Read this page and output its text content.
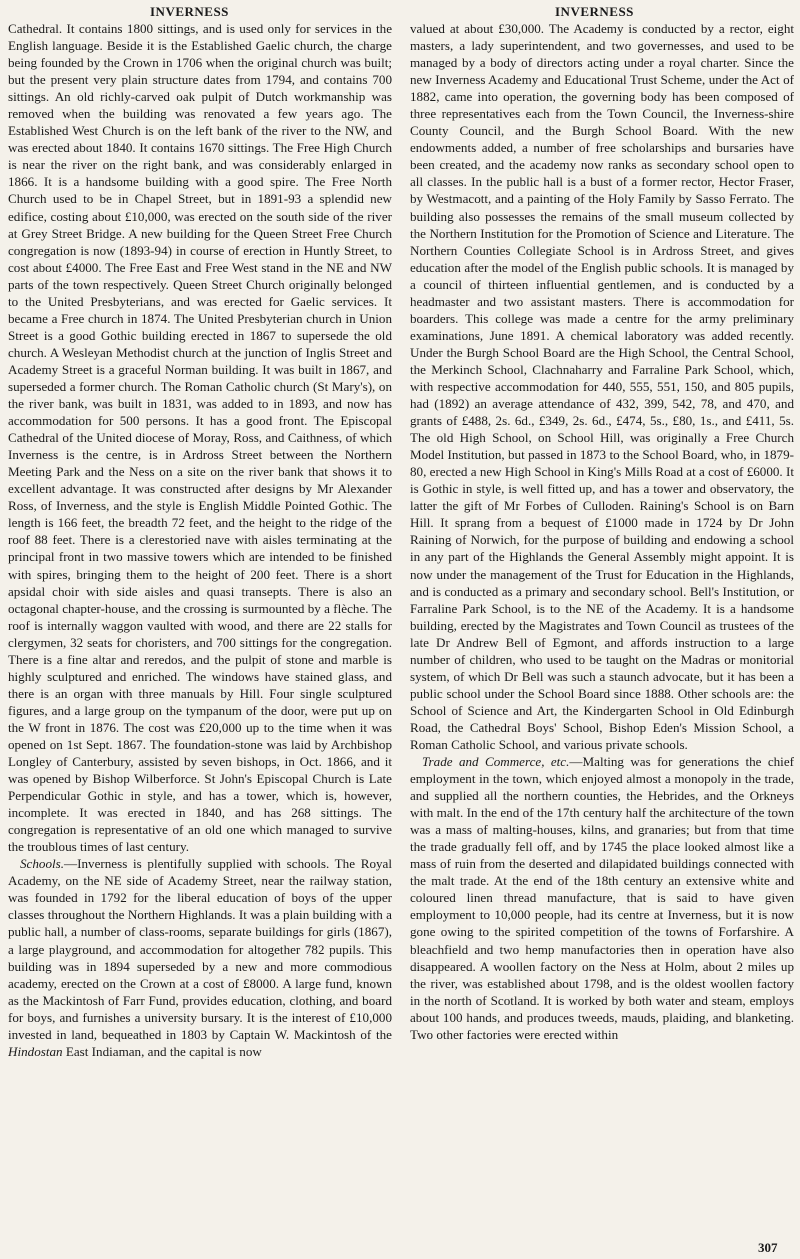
INVERNESS	INVERNESS

Cathedral. It contains 1800 sittings, and is used only for services in the English language. Beside it is the Established Gaelic church, the charge being founded by the Crown in 1706 when the original church was built; but the present very plain structure dates from 1794, and contains 700 sittings. An old richly-carved oak pulpit of Dutch workmanship was removed when the building was renovated a few years ago. The Established West Church is on the left bank of the river to the NW, and was erected about 1840. It contains 1670 sittings. The Free High Church is near the river on the right bank, and was considerably enlarged in 1866. It is a handsome building with a good spire. The Free North Church used to be in Chapel Street, but in 1891-93 a splendid new edifice, costing about £10,000, was erected on the south side of the river at Grey Street Bridge. A new building for the Queen Street Free Church congregation is now (1893-94) in course of erection in Huntly Street, to cost about £4000. The Free East and Free West stand in the NE and NW parts of the town respectively. Queen Street Church originally belonged to the United Presbyterians, and was erected for Gaelic services. It became a Free church in 1874. The United Presbyterian church in Union Street is a good Gothic building erected in 1867 to supersede the old church. A Wesleyan Methodist church at the junction of Inglis Street and Academy Street is a graceful Norman building. It was built in 1867, and superseded a former church. The Roman Catholic church (St Mary's), on the river bank, was built in 1831, was added to in 1893, and now has accommodation for 500 persons. It has a good front. The Episcopal Cathedral of the United diocese of Moray, Ross, and Caithness, of which Inverness is the centre, is in Ardross Street between the Northern Meeting Park and the Ness on a site on the river bank that shows it to excellent advantage. It was constructed after designs by Mr Alexander Ross, of Inverness, and the style is English Middle Pointed Gothic. The length is 166 feet, the breadth 72 feet, and the height to the ridge of the roof 88 feet. There is a clerestoried nave with aisles terminating at the principal front in two massive towers which are intended to be finished with spires, bringing them to the height of 200 feet. There is a short apsidal choir with side aisles and quasi transepts. There is also an octagonal chapter-house, and the crossing is surmounted by a flèche. The roof is internally waggon vaulted with wood, and there are 22 stalls for clergymen, 32 seats for choristers, and 700 sittings for the congregation. There is a fine altar and reredos, and the pulpit of stone and marble is highly sculptured and enriched. The windows have stained glass, and there is an organ with three manuals by Hill. Four single sculptured figures, and a large group on the tympanum of the door, were put up on the W front in 1876. The cost was £20,000 up to the time when it was opened on 1st Sept. 1867. The foundation-stone was laid by Archbishop Longley of Canterbury, assisted by seven bishops, in Oct. 1866, and it was opened by Bishop Wilberforce. St John's Episcopal Church is Late Perpendicular Gothic in style, and has a tower, which is, however, incomplete. It was erected in 1840, and has 268 sittings. The congregation is representative of an old one which managed to survive the troublous times of last century.

Schools.—Inverness is plentifully supplied with schools. The Royal Academy, on the NE side of Academy Street, near the railway station, was founded in 1792 for the liberal education of boys of the upper classes throughout the Northern Highlands. It was a plain building with a public hall, a number of class-rooms, separate buildings for girls (1867), a large playground, and accommodation for altogether 782 pupils. This building was in 1894 superseded by a new and more commodious academy, erected on the Crown at a cost of £8000. A large fund, known as the Mackintosh of Farr Fund, provides education, clothing, and board for boys, and furnishes a university bursary. It is the interest of £10,000 invested in land, bequeathed in 1803 by Captain W. Mackintosh of the Hindostan East Indiaman, and the capital is now

valued at about £30,000. The Academy is conducted by a rector, eight masters, a lady superintendent, and two governesses, and used to be managed by a body of directors acting under a royal charter. Since the new Inverness Academy and Educational Trust Scheme, under the Act of 1882, came into operation, the governing body has been composed of three representatives each from the Town Council, the Inverness-shire County Council, and the Burgh School Board. With the new endowments added, a number of free scholarships and bursaries have been created, and the academy now ranks as secondary school open to all classes. In the public hall is a bust of a former rector, Hector Fraser, by Westmacott, and a painting of the Holy Family by Sasso Ferrato. The building also possesses the remains of the small museum collected by the Northern Institution for the Promotion of Science and Literature. The Northern Counties Collegiate School is in Ardross Street, and gives education after the model of the English public schools. It is managed by a council of thirteen influential gentlemen, and is conducted by a headmaster and two assistant masters. There is accommodation for boarders. This college was made a centre for the army preliminary examinations, June 1891. A chemical laboratory was added recently. Under the Burgh School Board are the High School, the Central School, the Merkinch School, Clachnaharry and Farraline Park School, which, with respective accommodation for 440, 555, 551, 150, and 805 pupils, had (1892) an average attendance of 432, 399, 542, 78, and 470, and grants of £488, 2s. 6d., £349, 2s. 6d., £474, 5s., £80, 1s., and £411, 5s. The old High School, on School Hill, was originally a Free Church Model Institution, but passed in 1873 to the School Board, who, in 1879-80, erected a new High School in King's Mills Road at a cost of £6000. It is Gothic in style, is well fitted up, and has a tower and observatory, the latter the gift of Mr Forbes of Culloden. Raining's School is on Barn Hill. It sprang from a bequest of £1000 made in 1724 by Dr John Raining of Norwich, for the purpose of building and endowing a school in any part of the Highlands the General Assembly might appoint. It is now under the management of the Trust for Education in the Highlands, and is conducted as a primary and secondary school. Bell's Institution, or Farraline Park School, is to the NE of the Academy. It is a handsome building, erected by the Magistrates and Town Council as trustees of the late Dr Andrew Bell of Egmont, and affords instruction to a large number of children, who used to be taught on the Madras or monitorial system, of which Dr Bell was such a staunch advocate, but it has been a public school under the School Board since 1888. Other schools are: the School of Science and Art, the Kindergarten School in Old Edinburgh Road, the Cathedral Boys' School, Bishop Eden's Mission School, a Roman Catholic School, and various private schools.

Trade and Commerce, etc.—Malting was for generations the chief employment in the town, which enjoyed almost a monopoly in the trade, and supplied all the northern counties, the Hebrides, and the Orkneys with malt. In the end of the 17th century half the architecture of the town was a mass of malting-houses, kilns, and granaries; but from that time the trade gradually fell off, and by 1745 the place looked almost like a mass of ruin from the deserted and dilapidated buildings connected with the malt trade. At the end of the 18th century an extensive white and coloured linen thread manufacture, that is said to have given employment to 10,000 people, had its centre at Inverness, but it is now gone owing to the spirited competition of the towns of Forfarshire. A bleachfield and two hemp manufactories then in operation have also disappeared. A woollen factory on the Ness at Holm, about 2 miles up the river, was established about 1798, and is the oldest woollen factory in the north of Scotland. It is worked by both water and steam, employs about 100 hands, and produces tweeds, mauds, plaiding, and blanketing. Two other factories were erected within

307
